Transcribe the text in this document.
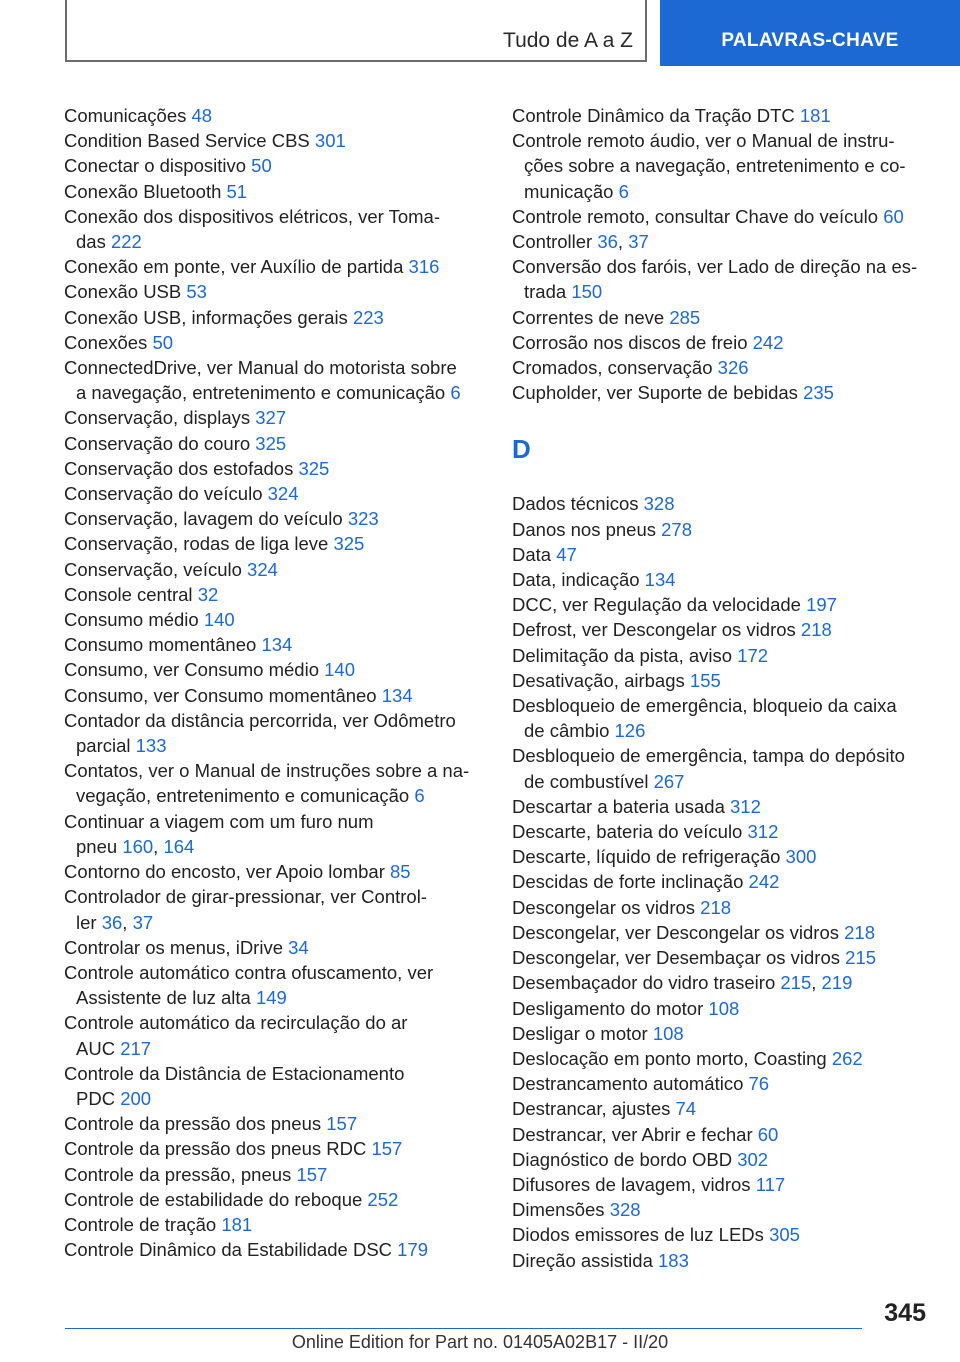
Tudo de A a Z	PALAVRAS-CHAVE
Comunicações 48
Condition Based Service CBS 301
Conectar o dispositivo 50
Conexão Bluetooth 51
Conexão dos dispositivos elétricos, ver Toma‐
das 222
Conexão em ponte, ver Auxílio de partida 316
Conexão USB 53
Conexão USB, informações gerais 223
Conexões 50
ConnectedDrive, ver Manual do motorista sobre
a navegação, entretenimento e comunicação 6
Conservação, displays 327
Conservação do couro 325
Conservação dos estofados 325
Conservação do veículo 324
Conservação, lavagem do veículo 323
Conservação, rodas de liga leve 325
Conservação, veículo 324
Console central 32
Consumo médio 140
Consumo momentâneo 134
Consumo, ver Consumo médio 140
Consumo, ver Consumo momentâneo 134
Contador da distância percorrida, ver Odômetro
parcial 133
Contatos, ver o Manual de instruções sobre a na‐
vegação, entretenimento e comunicação 6
Continuar a viagem com um furo num
pneu 160, 164
Contorno do encosto, ver Apoio lombar 85
Controlador de girar-pressionar, ver Control‐
ler 36, 37
Controlar os menus, iDrive 34
Controle automático contra ofuscamento, ver
Assistente de luz alta 149
Controle automático da recirculação do ar
AUC 217
Controle da Distância de Estacionamento
PDC 200
Controle da pressão dos pneus 157
Controle da pressão dos pneus RDC 157
Controle da pressão, pneus 157
Controle de estabilidade do reboque 252
Controle de tração 181
Controle Dinâmico da Estabilidade DSC 179
Controle Dinâmico da Tração DTC 181
Controle remoto áudio, ver o Manual de instru‐
ções sobre a navegação, entretenimento e co‐
municação 6
Controle remoto, consultar Chave do veículo 60
Controller 36, 37
Conversão dos faróis, ver Lado de direção na es‐
trada 150
Correntes de neve 285
Corrosão nos discos de freio 242
Cromados, conservação 326
Cupholder, ver Suporte de bebidas 235
D
Dados técnicos 328
Danos nos pneus 278
Data 47
Data, indicação 134
DCC, ver Regulação da velocidade 197
Defrost, ver Descongelar os vidros 218
Delimitação da pista, aviso 172
Desativação, airbags 155
Desbloqueio de emergência, bloqueio da caixa
de câmbio 126
Desbloqueio de emergência, tampa do depósito
de combustível 267
Descartar a bateria usada 312
Descarte, bateria do veículo 312
Descarte, líquido de refrigeração 300
Descidas de forte inclinação 242
Descongelar os vidros 218
Descongelar, ver Descongelar os vidros 218
Descongelar, ver Desembaçar os vidros 215
Desembaçador do vidro traseiro 215, 219
Desligamento do motor 108
Desligar o motor 108
Deslocação em ponto morto, Coasting 262
Destrancamento automático 76
Destrancar, ajustes 74
Destrancar, ver Abrir e fechar 60
Diagnóstico de bordo OBD 302
Difusores de lavagem, vidros 117
Dimensões 328
Diodos emissores de luz LEDs 305
Direção assistida 183
345
Online Edition for Part no. 01405A02B17 - II/20
